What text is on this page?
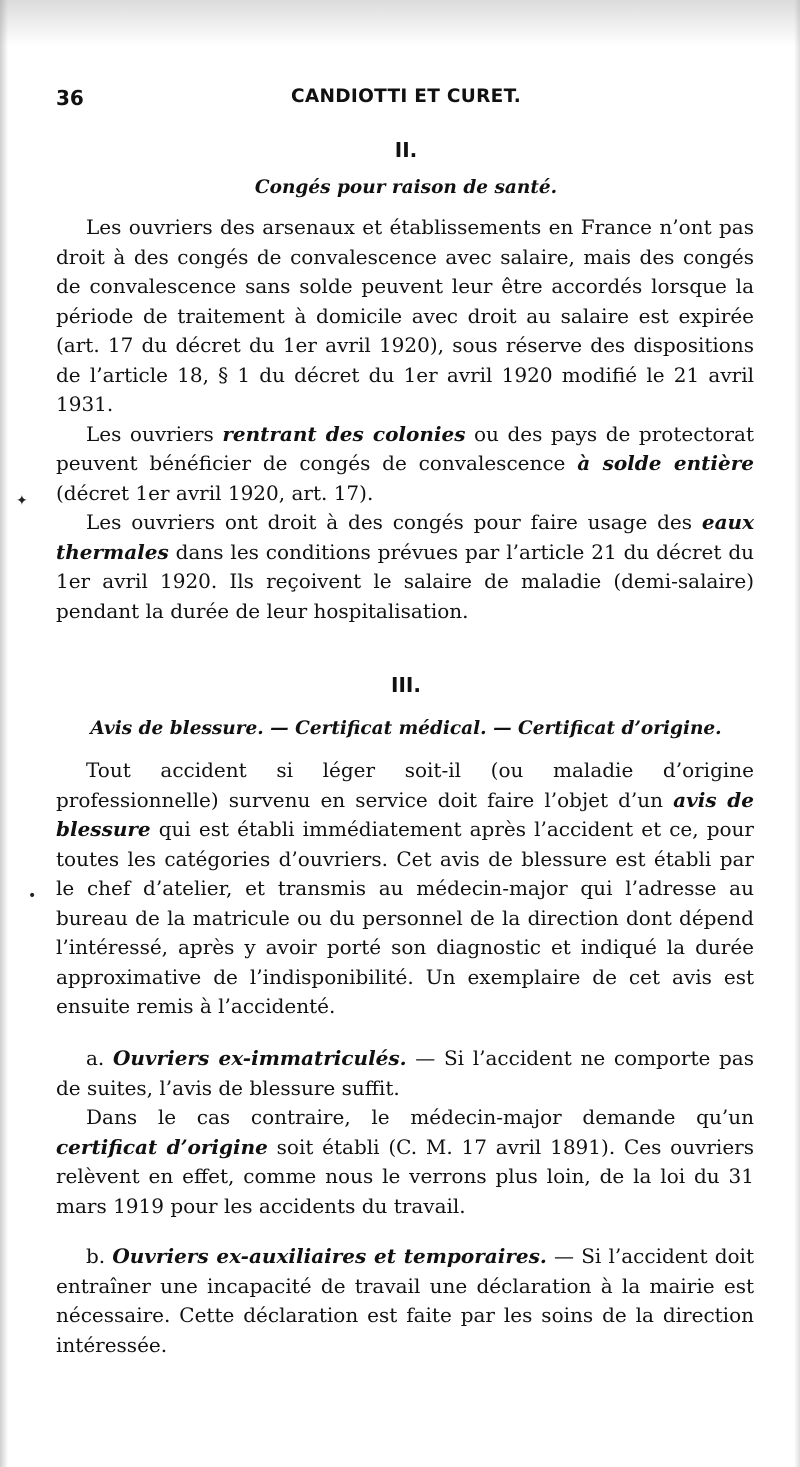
36	CANDIOTTI ET CURET.
II.
Congés pour raison de santé.

Les ouvriers des arsenaux et établissements en France n’ont pas droit à des congés de convalescence avec salaire, mais des congés de convalescence sans solde peuvent leur être accordés lorsque la période de traitement à domicile avec droit au salaire est expirée (art. 17 du décret du 1er avril 1920), sous réserve des dispositions de l’article 18, § 1 du décret du 1er avril 1920 modifié le 21 avril 1931.

Les ouvriers rentrant des colonies ou des pays de protectorat peuvent bénéficier de congés de convalescence à solde entière (décret 1er avril 1920, art. 17).

Les ouvriers ont droit à des congés pour faire usage des eaux thermales dans les conditions prévues par l’article 21 du décret du 1er avril 1920. Ils reçoivent le salaire de maladie (demi-salaire) pendant la durée de leur hospitalisation.

III.
Avis de blessure. — Certificat médical. — Certificat d’origine.

Tout accident si léger soit-il (ou maladie d’origine professionnelle) survenu en service doit faire l’objet d’un avis de blessure qui est établi immédiatement après l’accident et ce, pour toutes les catégories d’ouvriers. Cet avis de blessure est établi par le chef d’atelier, et transmis au médecin-major qui l’adresse au bureau de la matricule ou du personnel de la direction dont dépend l’intéressé, après y avoir porté son diagnostic et indiqué la durée approximative de l’indisponibilité. Un exemplaire de cet avis est ensuite remis à l’accidenté.

a. Ouvriers ex-immatriculés. — Si l’accident ne comporte pas de suites, l’avis de blessure suffit.

Dans le cas contraire, le médecin-major demande qu’un certificat d’origine soit établi (C. M. 17 avril 1891). Ces ouvriers relèvent en effet, comme nous le verrons plus loin, de la loi du 31 mars 1919 pour les accidents du travail.

b. Ouvriers ex-auxiliaires et temporaires. — Si l’accident doit entraîner une incapacité de travail une déclaration à la mairie est nécessaire. Cette déclaration est faite par les soins de la direction intéressée.

✦
•
